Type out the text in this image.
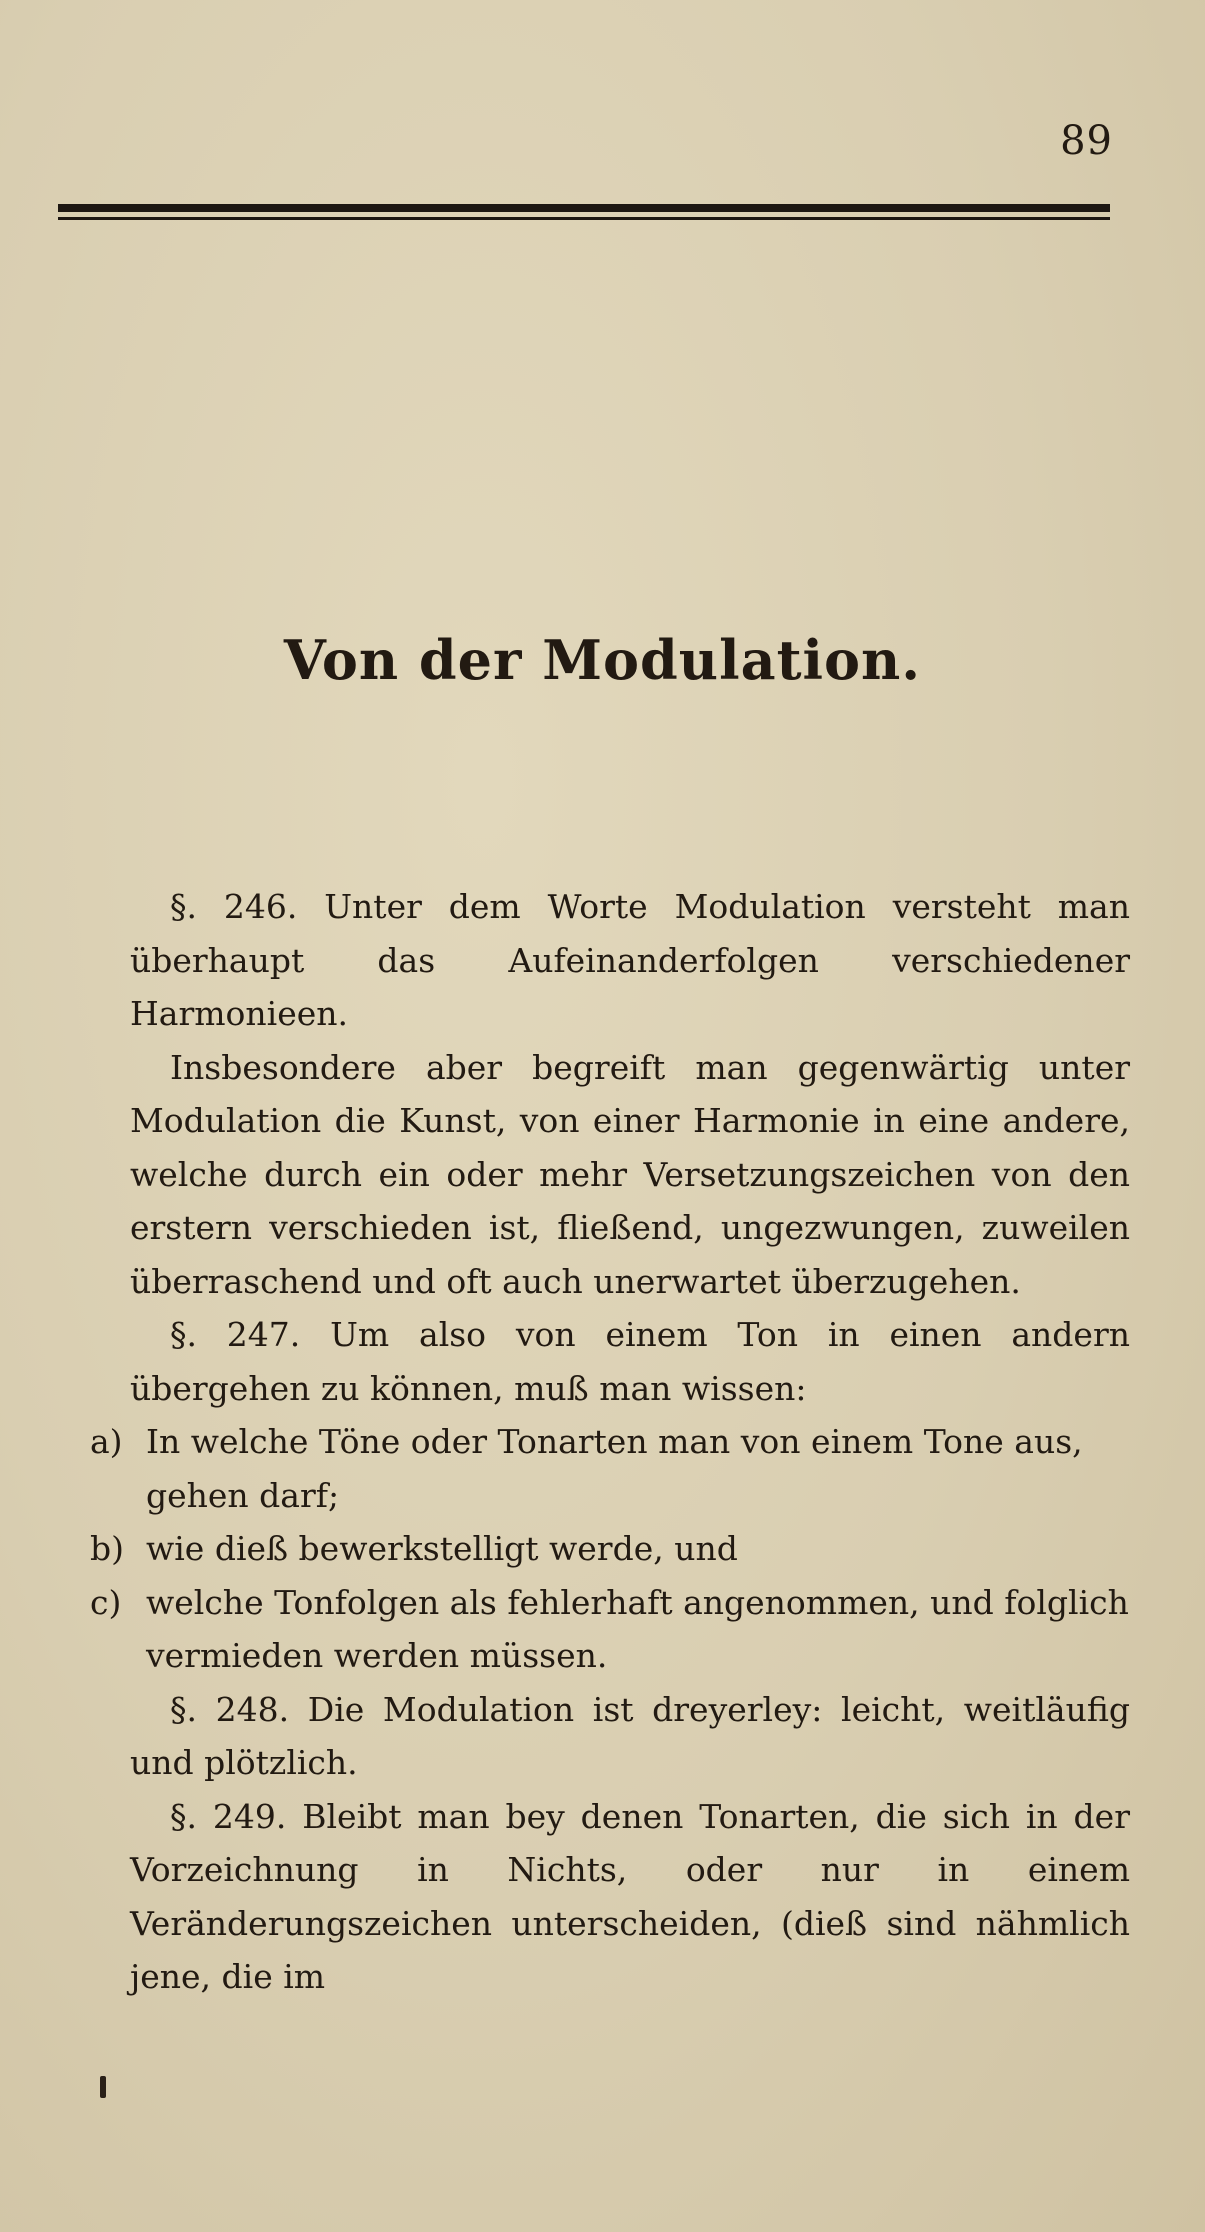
89
Von der Modulation.

§. 246. Unter dem Worte Modulation versteht man überhaupt das Aufeinanderfolgen verschiedener Harmonieen.

Insbesondere aber begreift man gegenwärtig unter Modulation die Kunst, von einer Harmonie in eine andere, welche durch ein oder mehr Versetzungszeichen von den erstern verschieden ist, fließend, ungezwungen, zuweilen überraschend und oft auch unerwartet überzugehen.

§. 247. Um also von einem Ton in einen andern übergehen zu können, muß man wissen:

a) In welche Töne oder Tonarten man von einem Tone aus, gehen darf;
b) wie dieß bewerkstelligt werde, und
c) welche Tonfolgen als fehlerhaft angenommen, und folglich vermieden werden müssen.

§. 248. Die Modulation ist dreyerley: leicht, weitläufig und plötzlich.

§. 249. Bleibt man bey denen Tonarten, die sich in der Vorzeichnung in Nichts, oder nur in einem Veränderungszeichen unterscheiden, (dieß sind nähmlich jene, die im
